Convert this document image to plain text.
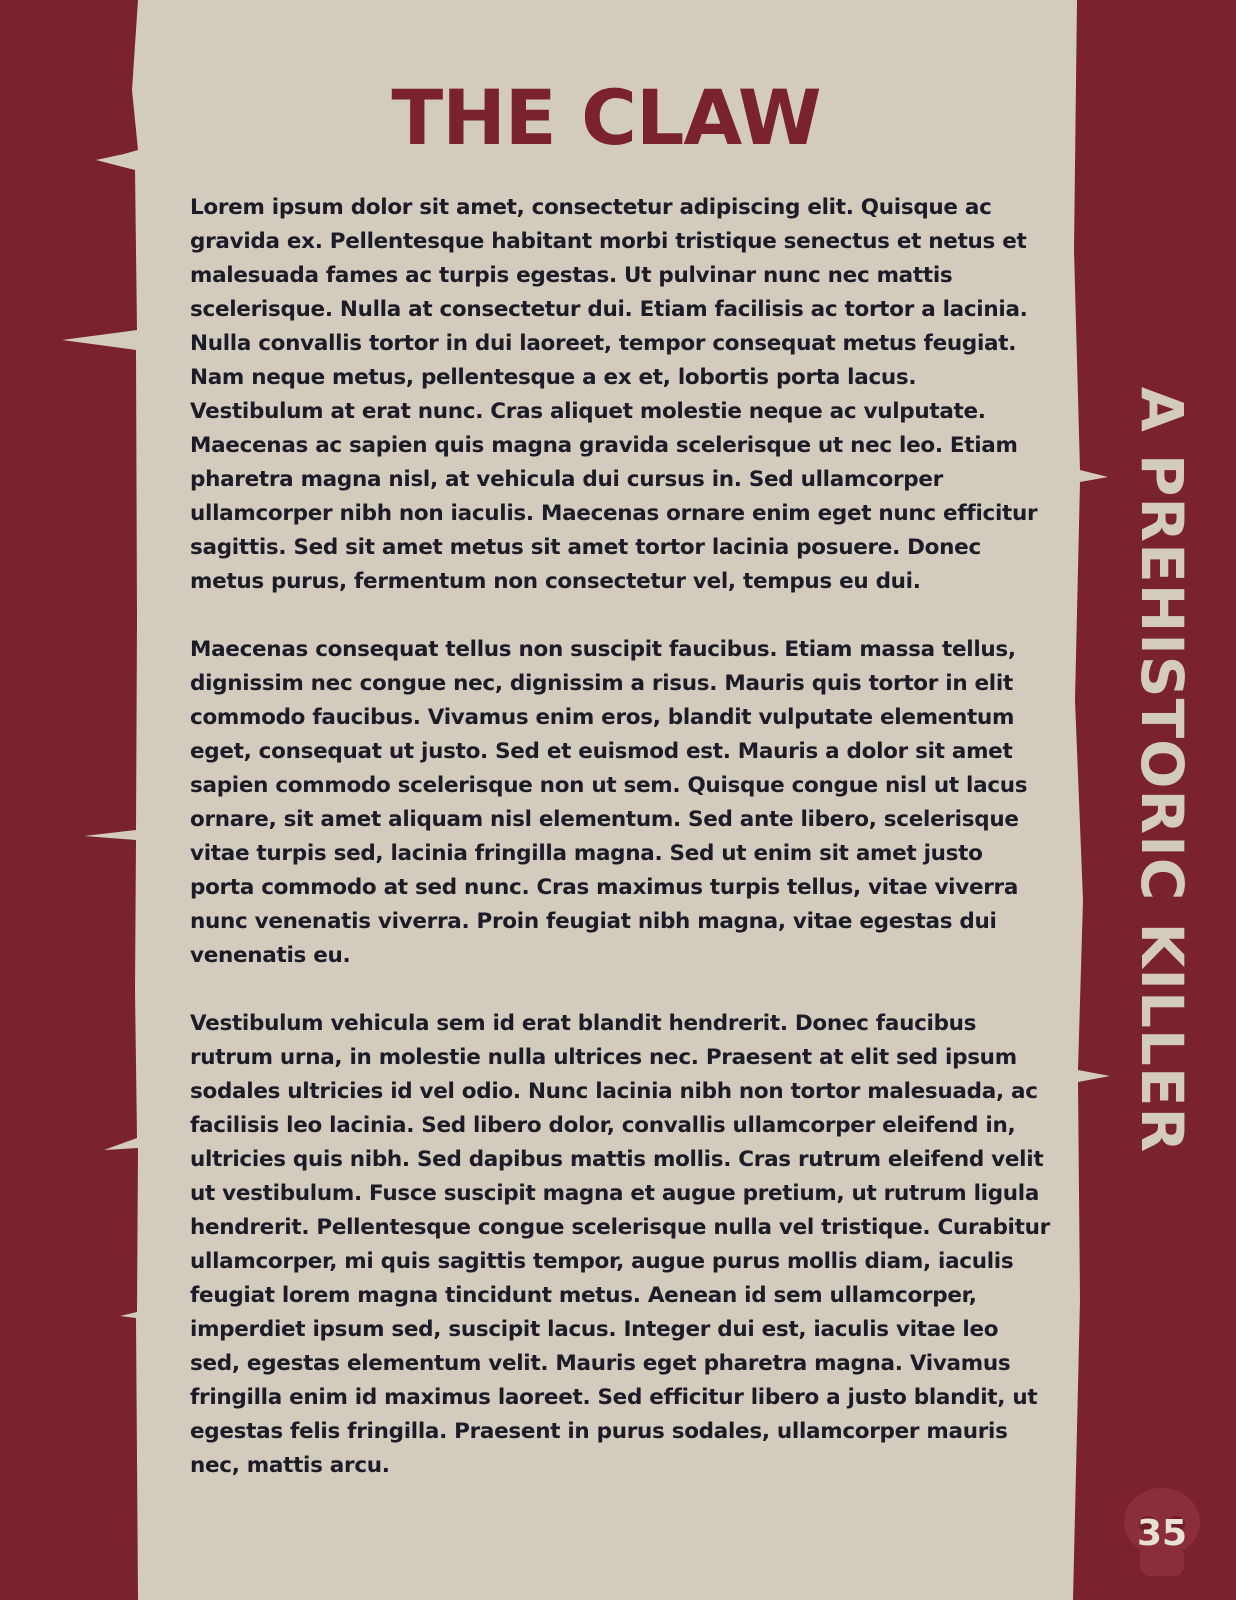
THE CLAW

Lorem ipsum dolor sit amet, consectetur adipiscing elit. Quisque ac gravida ex. Pellentesque habitant morbi tristique senectus et netus et malesuada fames ac turpis egestas. Ut pulvinar nunc nec mattis scelerisque. Nulla at consectetur dui. Etiam facilisis ac tortor a lacinia. Nulla convallis tortor in dui laoreet, tempor consequat metus feugiat. Nam neque metus, pellentesque a ex et, lobortis porta lacus. Vestibulum at erat nunc. Cras aliquet molestie neque ac vulputate. Maecenas ac sapien quis magna gravida scelerisque ut nec leo. Etiam pharetra magna nisl, at vehicula dui cursus in. Sed ullamcorper ullamcorper nibh non iaculis. Maecenas ornare enim eget nunc efficitur sagittis. Sed sit amet metus sit amet tortor lacinia posuere. Donec metus purus, fermentum non consectetur vel, tempus eu dui.

Maecenas consequat tellus non suscipit faucibus. Etiam massa tellus, dignissim nec congue nec, dignissim a risus. Mauris quis tortor in elit commodo faucibus. Vivamus enim eros, blandit vulputate elementum eget, consequat ut justo. Sed et euismod est. Mauris a dolor sit amet sapien commodo scelerisque non ut sem. Quisque congue nisl ut lacus ornare, sit amet aliquam nisl elementum. Sed ante libero, scelerisque vitae turpis sed, lacinia fringilla magna. Sed ut enim sit amet justo porta commodo at sed nunc. Cras maximus turpis tellus, vitae viverra nunc venenatis viverra. Proin feugiat nibh magna, vitae egestas dui venenatis eu.

Vestibulum vehicula sem id erat blandit hendrerit. Donec faucibus rutrum urna, in molestie nulla ultrices nec. Praesent at elit sed ipsum sodales ultricies id vel odio. Nunc lacinia nibh non tortor malesuada, ac facilisis leo lacinia. Sed libero dolor, convallis ullamcorper eleifend in, ultricies quis nibh. Sed dapibus mattis mollis. Cras rutrum eleifend velit ut vestibulum. Fusce suscipit magna et augue pretium, ut rutrum ligula hendrerit. Pellentesque congue scelerisque nulla vel tristique. Curabitur ullamcorper, mi quis sagittis tempor, augue purus mollis diam, iaculis feugiat lorem magna tincidunt metus. Aenean id sem ullamcorper, imperdiet ipsum sed, suscipit lacus. Integer dui est, iaculis vitae leo sed, egestas elementum velit. Mauris eget pharetra magna. Vivamus fringilla enim id maximus laoreet. Sed efficitur libero a justo blandit, ut egestas felis fringilla. Praesent in purus sodales, ullamcorper mauris nec, mattis arcu.

A PREHISTORIC KILLER
35
